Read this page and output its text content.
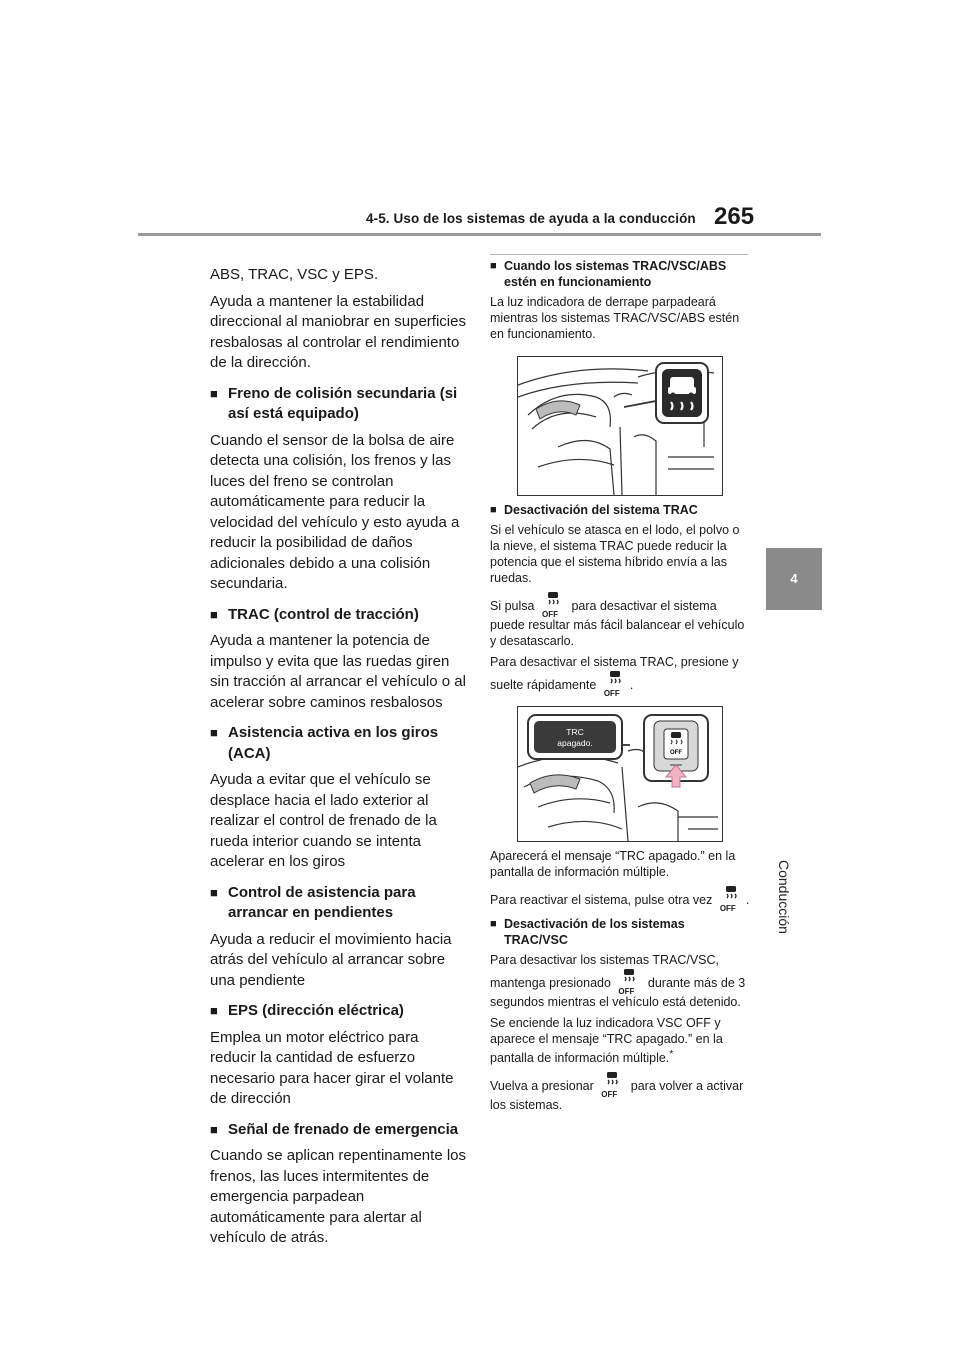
4-5. Uso de los sistemas de ayuda a la conducción 265
4
Conducción

ABS, TRAC, VSC y EPS.

Ayuda a mantener la estabilidad direccional al maniobrar en superficies resbalosas al controlar el rendimiento de la dirección.

■ Freno de colisión secundaria (si así está equipado)

Cuando el sensor de la bolsa de aire detecta una colisión, los frenos y las luces del freno se controlan automáticamente para reducir la velocidad del vehículo y esto ayuda a reducir la posibilidad de daños adicionales debido a una colisión secundaria.

■ TRAC (control de tracción)

Ayuda a mantener la potencia de impulso y evita que las ruedas giren sin tracción al arrancar el vehículo o al acelerar sobre caminos resbalosos

■ Asistencia activa en los giros (ACA)

Ayuda a evitar que el vehículo se desplace hacia el lado exterior al realizar el control de frenado de la rueda interior cuando se intenta acelerar en los giros

■ Control de asistencia para arrancar en pendientes

Ayuda a reducir el movimiento hacia atrás del vehículo al arrancar sobre una pendiente

■ EPS (dirección eléctrica)

Emplea un motor eléctrico para reducir la cantidad de esfuerzo necesario para hacer girar el volante de dirección

■ Señal de frenado de emergencia

Cuando se aplican repentinamente los frenos, las luces intermitentes de emergencia parpadean automáticamente para alertar al vehículo de atrás.

■ Cuando los sistemas TRAC/VSC/ABS estén en funcionamiento

La luz indicadora de derrape parpadeará mientras los sistemas TRAC/VSC/ABS estén en funcionamiento.

■ Desactivación del sistema TRAC

Si el vehículo se atasca en el lodo, el polvo o la nieve, el sistema TRAC puede reducir la potencia que el sistema híbrido envía a las ruedas.

Si pulsa
OFF
para desactivar el sistema puede resultar más fácil balancear el vehículo y desatascarlo.

Para desactivar el sistema TRAC, presione y suelte rápidamente
OFF
.

TRC
apagado.
OFF

Aparecerá el mensaje “TRC apagado.” en la pantalla de información múltiple.

Para reactivar el sistema, pulse otra vez
OFF
.

■ Desactivación de los sistemas TRAC/VSC

Para desactivar los sistemas TRAC/VSC, mantenga presionado
OFF
durante más de 3 segundos mientras el vehículo está detenido.

Se enciende la luz indicadora VSC OFF y aparece el mensaje “TRC apagado.” en la pantalla de información múltiple.*

Vuelva a presionar
OFF
para volver a activar los sistemas.
